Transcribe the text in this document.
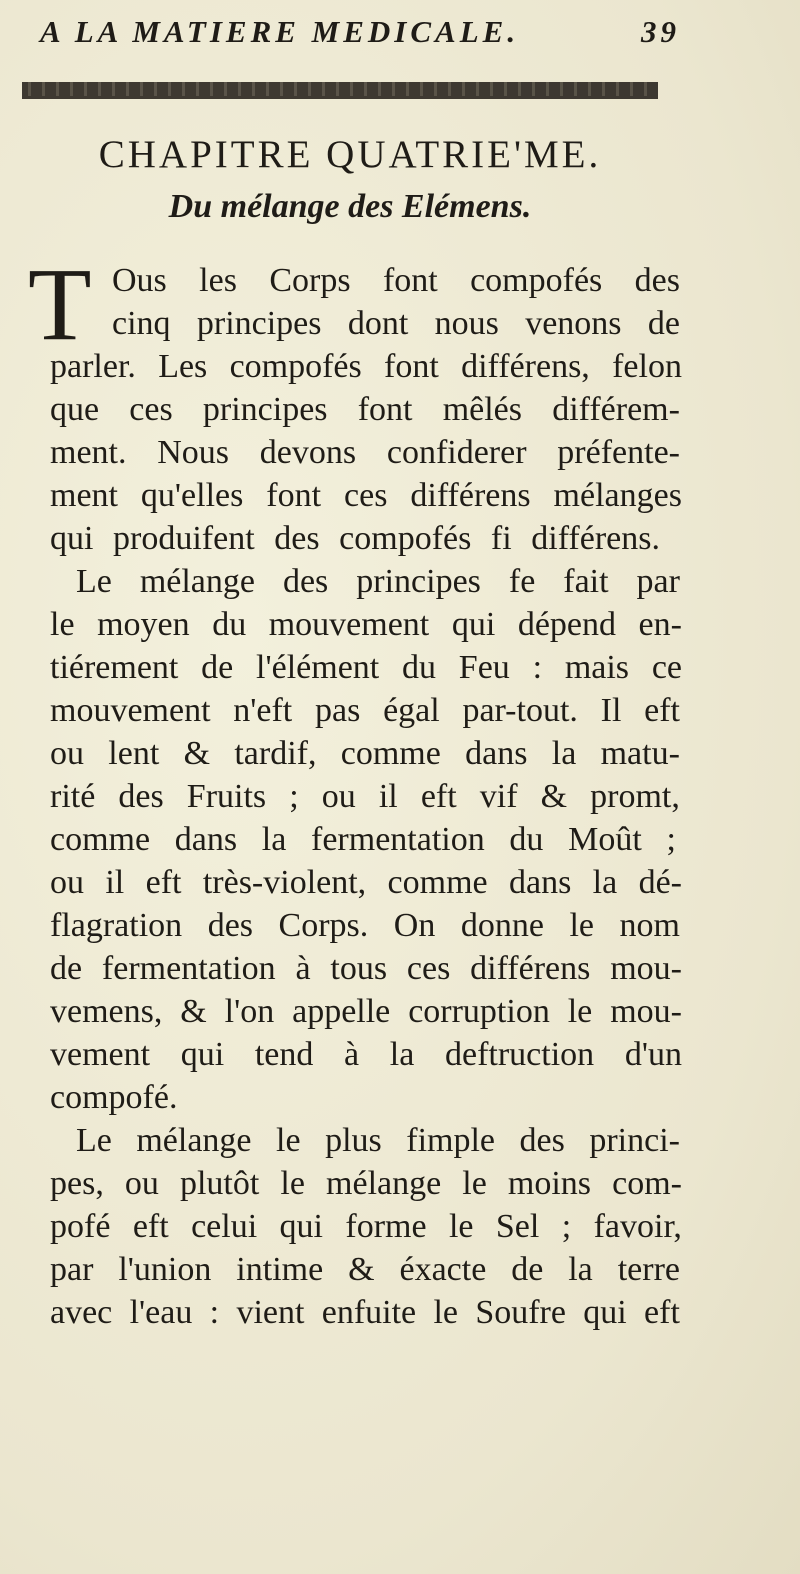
A LA MATIERE MEDICALE.	39
CHAPITRE QUATRIE'ME.
Du mélange des Elémens.
T Ous les Corps font compofés des
cinq principes dont nous venons de
parler. Les compofés font différens, felon
que ces principes font mêlés différem-
ment. Nous devons confiderer préfente-
ment qu'elles font ces différens mélanges
qui produifent des compofés fi différens.
Le mélange des principes fe fait par
le moyen du mouvement qui dépend en-
tiérement de l'élément du Feu : mais ce
mouvement n'eft pas égal par-tout. Il eft
ou lent & tardif, comme dans la matu-
rité des Fruits ; ou il eft vif & promt,
comme dans la fermentation du Moût ;
ou il eft très-violent, comme dans la dé-
flagration des Corps. On donne le nom
de fermentation à tous ces différens mou-
vemens, & l'on appelle corruption le mou-
vement qui tend à la deftruction d'un
compofé.
Le mélange le plus fimple des princi-
pes, ou plutôt le mélange le moins com-
pofé eft celui qui forme le Sel ; favoir,
par l'union intime & éxacte de la terre
avec l'eau : vient enfuite le Soufre qui eft
